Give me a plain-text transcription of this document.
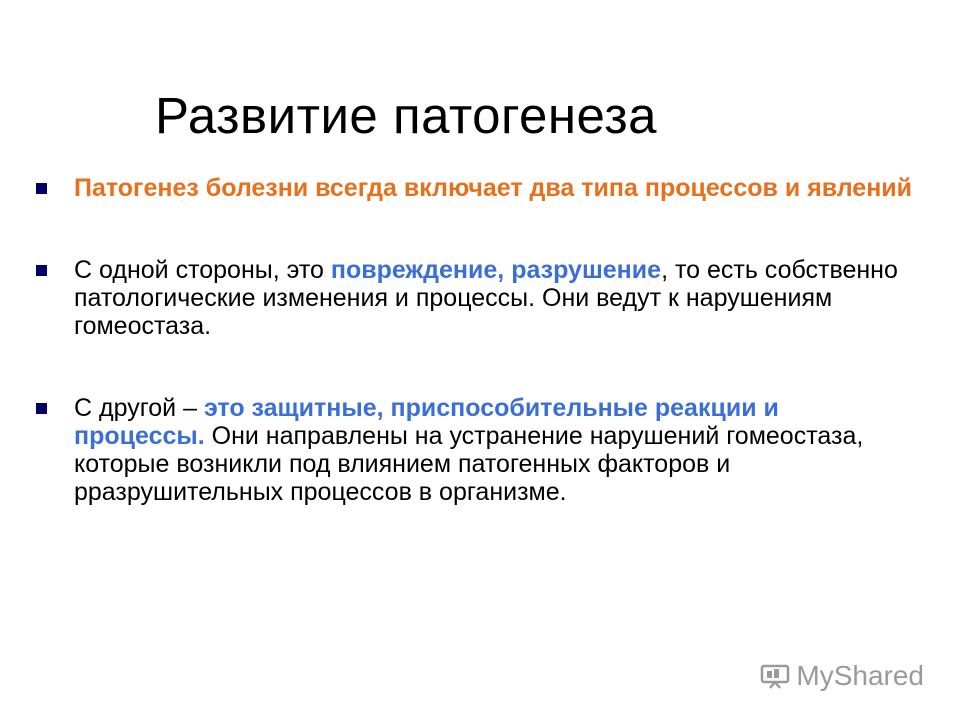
Развитие патогенеза
Патогенез болезни всегда включает два типа процессов и явлений
С одной стороны, это повреждение, разрушение, то есть собственно патологические изменения и процессы. Они ведут к нарушениям гомеостаза.
С другой – это защитные, приспособительные реакции и процессы. Они направлены на устранение нарушений гомеостаза, которые возникли под влиянием патогенных факторов и рразрушительных процессов в организме.
MyShared
